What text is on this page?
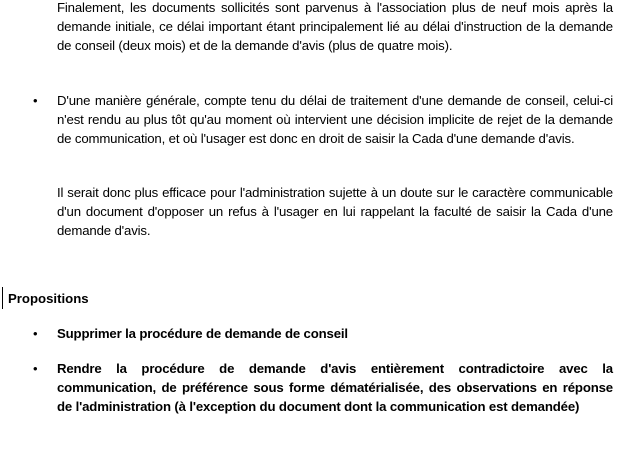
Finalement, les documents sollicités sont parvenus à l'association plus de neuf mois après la demande initiale, ce délai important étant principalement lié au délai d'instruction de la demande de conseil (deux mois) et de la demande d'avis (plus de quatre mois).

• D'une manière générale, compte tenu du délai de traitement d'une demande de conseil, celui-ci n'est rendu au plus tôt qu'au moment où intervient une décision implicite de rejet de la demande de communication, et où l'usager est donc en droit de saisir la Cada d'une demande d'avis.

Il serait donc plus efficace pour l'administration sujette à un doute sur le caractère communicable d'un document d'opposer un refus à l'usager en lui rappelant la faculté de saisir la Cada d'une demande d'avis.

Propositions

• Supprimer la procédure de demande de conseil

• Rendre la procédure de demande d'avis entièrement contradictoire avec la communication, de préférence sous forme dématérialisée, des observations en réponse de l'administration (à l'exception du document dont la communication est demandée)
